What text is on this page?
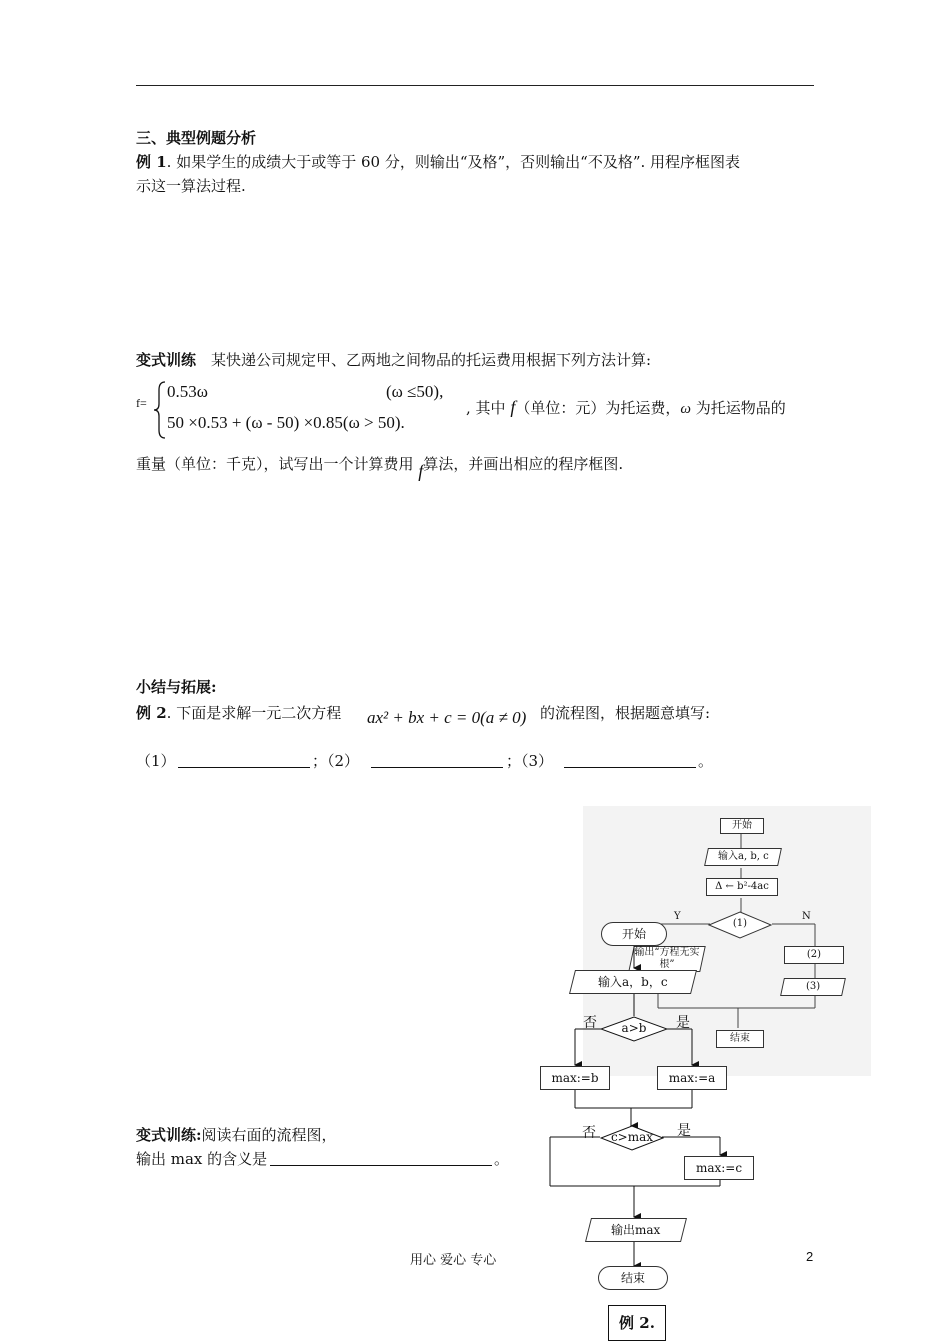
三、典型例题分析
例 1. 如果学生的成绩大于或等于 60 分，则输出“及格”，否则输出“不及格”. 用程序框图表
示这一算法过程.
变式训练　某快递公司规定甲、乙两地之间物品的托运费用根据下列方法计算:
f=
0.53ω	(ω ≤50),
50 ×0.53 + (ω - 50) ×0.85(ω > 50).
, 其中 f（单位：元）为托运费，ω 为托运物品的
重量（单位：千克），试写出一个计算费用 f算法，并画出相应的程序框图.
小结与拓展:
例 2. 下面是求解一元二次方程 ax² + bx + c = 0(a ≠ 0) 的流程图，根据题意填写:
（1）	；（2）	；（3）	。
开始
输入a, b, c
Δ ← b²-4ac
(1)
Y	N
输出“方程无实根”
(2)
(3)
结束
开始
输入a，b，c
否	是
a>b
max:=b	max:=a
否	是
c>max
max:=c
输出max
结束
变式训练:阅读右面的流程图，
输出 max 的含义是	。
用心 爱心 专心	2
例 2.
